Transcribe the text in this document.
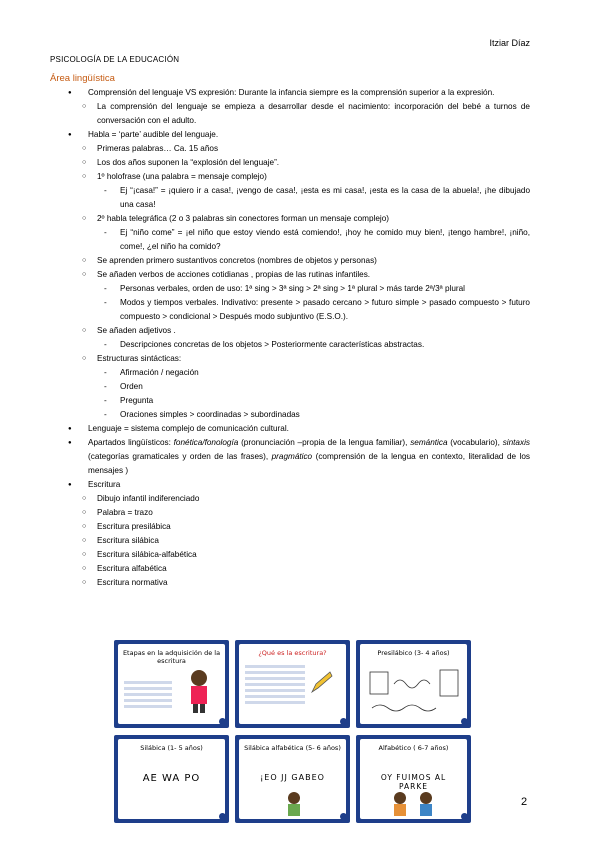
Itziar Díaz
PSICOLOGÍA DE LA EDUCACIÓN
Área lingüística
● Comprensión del lenguaje VS expresión: Durante la infancia siempre es la comprensión superior a la expresión.
○ La comprensión del lenguaje se empieza a desarrollar desde el nacimiento: incorporación del bebé a turnos de conversación con el adulto.
● Habla = ‘parte’ audible del lenguaje.
○ Primeras palabras… Ca. 15 años
○ Los dos años suponen la “explosión del lenguaje”.
○ 1º holofrase (una palabra = mensaje complejo)
- Ej “¡casa!” = ¡quiero ir a casa!, ¡vengo de casa!, ¡esta es mi casa!, ¡esta es la casa de la abuela!, ¡he dibujado una casa!
○ 2º habla telegráfica (2 o 3 palabras sin conectores forman un mensaje complejo)
- Ej “niño come” = ¡el niño que estoy viendo está comiendo!, ¡hoy he comido muy bien!, ¡tengo hambre!, ¡niño, come!, ¿el niño ha comido?
○ Se aprenden primero sustantivos concretos (nombres de objetos y personas)
○ Se añaden verbos de acciones cotidianas , propias de las rutinas infantiles.
- Personas verbales, orden de uso: 1ª sing > 3ª sing > 2ª sing > 1ª plural > más tarde 2ª/3ª plural
- Modos y tiempos verbales. Indivativo: presente > pasado cercano > futuro simple > pasado compuesto > futuro compuesto > condicional > Después modo subjuntivo (E.S.O.).
○ Se añaden adjetivos .
- Descripciones concretas de los objetos > Posteriormente características abstractas.
○ Estructuras sintácticas:
- Afirmación / negación
- Orden
- Pregunta
- Oraciones simples > coordinadas > subordinadas
● Lenguaje = sistema complejo de comunicación cultural.
● Apartados lingüísticos: fonética/fonología (pronunciación –propia de la lengua familiar), semántica (vocabulario), sintaxis (categorías gramaticales y orden de las frases), pragmático (comprensión de la lengua en contexto, literalidad de los mensajes )
● Escritura
○ Dibujo infantil indiferenciado
○ Palabra = trazo
○ Escritura presilábica
○ Escritura silábica
○ Escritura silábica-alfabética
○ Escritura alfabética
○ Escritura normativa
Etapas en la adquisición de la escritura
¿Qué es la escritura?	Presilábico (3- 4 años)
Silábica (1- 5 años)
AE WA PO
Silábica alfabética (5- 6 años)
¡EO JJ GABEO
Alfabético ( 6-7 años)
OY FUIMOS AL PARKE
2
